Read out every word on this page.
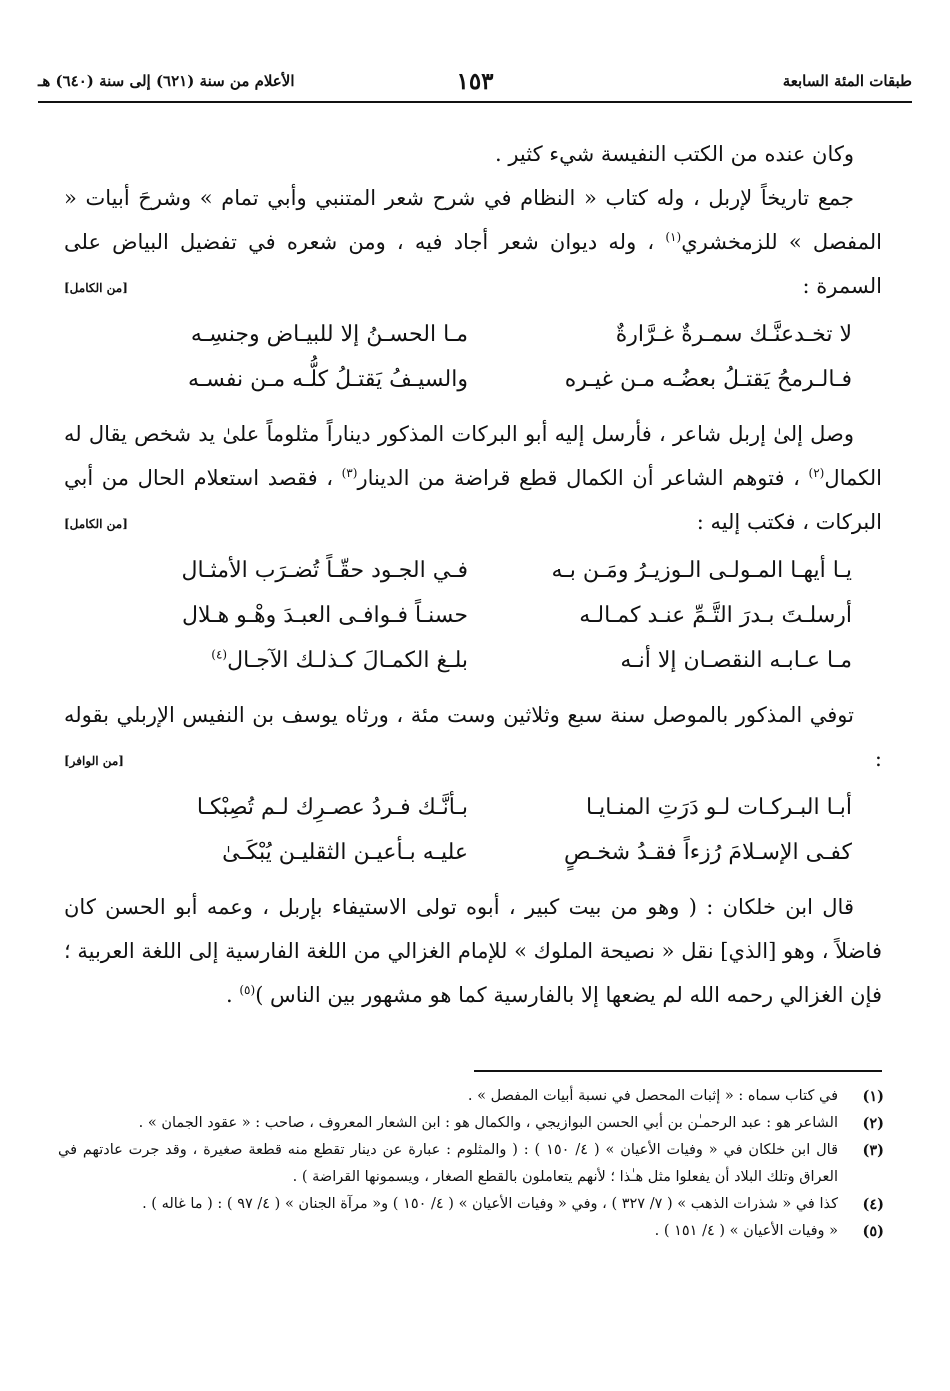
طبقات المئة السابعة
١٥٣
الأعلام من سنة (٦٢١) إلى سنة (٦٤٠) هـ

وكان عنده من الكتب النفيسة شيء كثير .

جمع تاريخاً لإربل ، وله كتاب « النظام في شرح شعر المتنبي وأبي تمام » وشرحَ أبيات « المفصل » للزمخشري$^{(١)}$ ، وله ديوان شعر أجاد فيه ، ومن شعره في تفضيل البياض على السمرة :
[من الكامل]

لا تخـدعنَّـك سمـرةٌ غـرَّارةٌ
مـا الحسـنُ إلا للبيـاض وجنسِـه
فـالـرمحُ يَقتـلُ بعضُـه مـن غيـره
والسيـفُ يَقتـلُ كلُّـه مـن نفسـه

وصل إلىٰ إربل شاعر ، فأرسل إليه أبو البركات المذكور ديناراً مثلوماً علىٰ يد شخص يقال له الكمال$^{(٢)}$ ، فتوهم الشاعر أن الكمال قطع قراضة من الدينار$^{(٣)}$ ، فقصد استعلام الحال من أبي البركات ، فكتب إليه :
[من الكامل]

يـا أيهـا المـولـى الـوزيـرُ ومَـن بـه
فـي الجـود حقّـاً تُضـرَب الأمثـال
أرسلـتَ بـدرَ التَّـمِّ عنـد كمـالـه
حسنـاً فـوافـى العبـدَ وهْـو هـلال
مـا عـابـه النقصـان إلا أنـه
بلـغ الكمـالَ كـذلـك الآجـال$^{(٤)}$

توفي المذكور بالموصل سنة سبع وثلاثين وست مئة ، ورثاه يوسف بن النفيس الإربلي بقوله :
[من الوافر]

أبـا البـركـات لـو دَرَتِ المنـايـا
بـأنَّـك فـردُ عصـرِك لـم تُصِبْكـا
كفـى الإسـلامَ رُزءاً فقـدُ شخـصٍ
عليـه بـأعيـن الثقليـن يُبْكَـىٰ

قال ابن خلكان : ( وهو من بيت كبير ، أبوه تولى الاستيفاء بإربل ، وعمه أبو الحسن كان فاضلاً ، وهو [الذي] نقل « نصيحة الملوك » للإمام الغزالي من اللغة الفارسية إلى اللغة العربية ؛ فإن الغزالي رحمه الله لم يضعها إلا بالفارسية كما هو مشهور بين الناس )$^{(٥)}$ .

(١)
في كتاب سماه : « إثبات المحصل في نسبة أبيات المفصل » .
(٢)
الشاعر هو : عبد الرحمـٰن بن أبي الحسن البوازيجي ، والكمال هو : ابن الشعار المعروف ، صاحب : « عقود الجمان » .
(٣)
قال ابن خلكان في « وفيات الأعيان » ( ٤/ ١٥٠ ) : ( والمثلوم : عبارة عن دينار تقطع منه قطعة صغيرة ، وقد جرت عادتهم في العراق وتلك البلاد أن يفعلوا مثل هـٰذا ؛ لأنهم يتعاملون بالقطع الصغار ، ويسمونها القراضة ) .
(٤)
كذا في « شذرات الذهب » ( ٧/ ٣٢٧ ) ، وفي « وفيات الأعيان » ( ٤/ ١٥٠ ) و« مرآة الجنان » ( ٤/ ٩٧ ) : ( ما غاله ) .
(٥)
« وفيات الأعيان » ( ٤/ ١٥١ ) .
